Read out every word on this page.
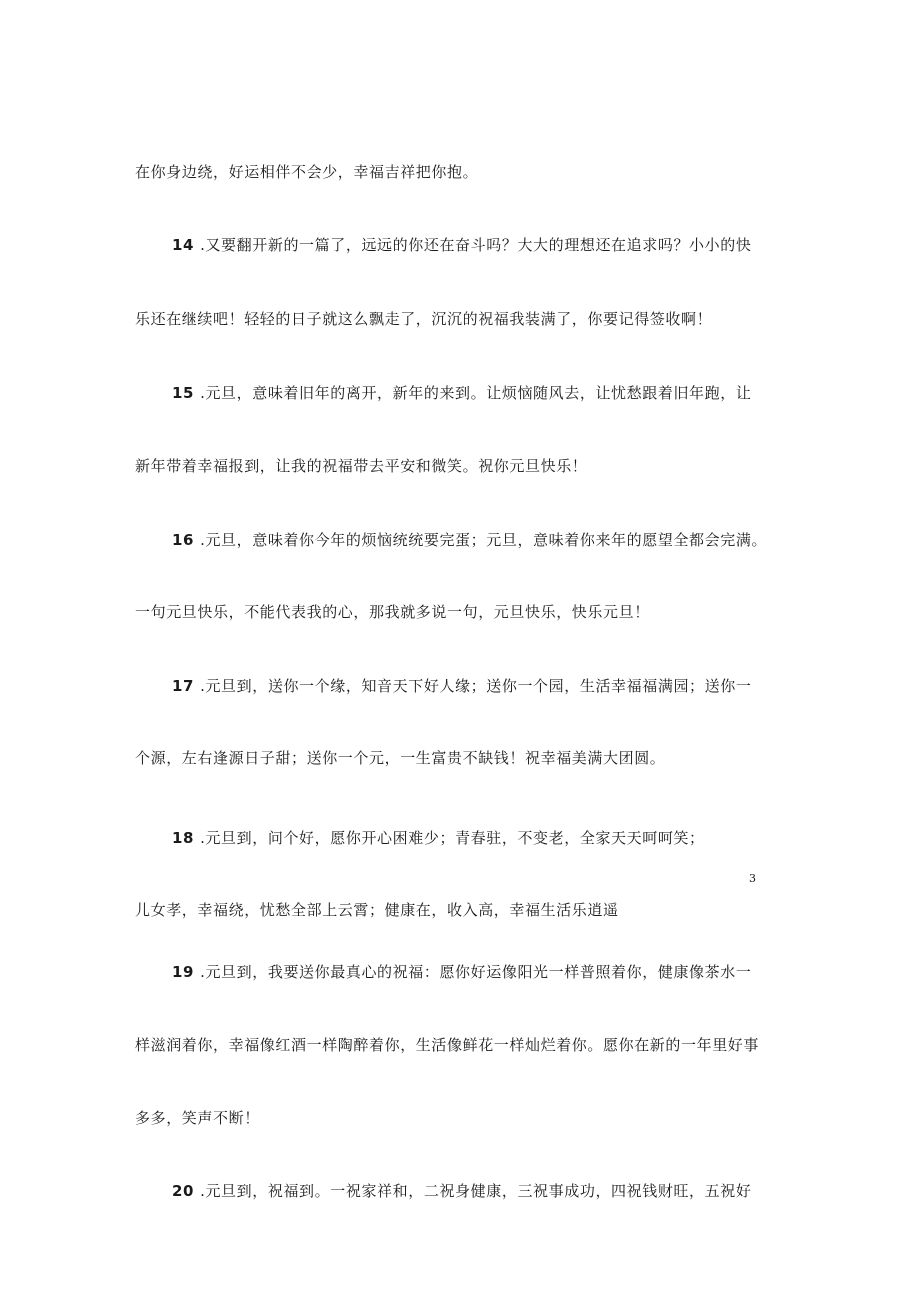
在你身边绕，好运相伴不会少，幸福吉祥把你抱。
14 .又要翻开新的一篇了，远远的你还在奋斗吗？大大的理想还在追求吗？小小的快
乐还在继续吧！轻轻的日子就这么飘走了，沉沉的祝福我装满了，你要记得签收啊！
15 .元旦，意味着旧年的离开，新年的来到。让烦恼随风去，让忧愁跟着旧年跑，让
新年带着幸福报到，让我的祝福带去平安和微笑。祝你元旦快乐！
16 .元旦，意味着你今年的烦恼统统要完蛋；元旦，意味着你来年的愿望全都会完满。
一句元旦快乐，不能代表我的心，那我就多说一句，元旦快乐，快乐元旦！
17 .元旦到，送你一个缘，知音天下好人缘；送你一个园，生活幸福福满园；送你一
个源，左右逢源日子甜；送你一个元，一生富贵不缺钱！祝幸福美满大团圆。
18 .元旦到，问个好，愿你开心困难少；青春驻，不变老，全家天天呵呵笑；
3
儿女孝，幸福绕，忧愁全部上云霄；健康在，收入高，幸福生活乐逍遥
19 .元旦到，我要送你最真心的祝福：愿你好运像阳光一样普照着你，健康像茶水一
样滋润着你，幸福像红酒一样陶醉着你，生活像鲜花一样灿烂着你。愿你在新的一年里好事
多多，笑声不断！
20 .元旦到，祝福到。一祝家祥和，二祝身健康，三祝事成功，四祝钱财旺，五祝好
